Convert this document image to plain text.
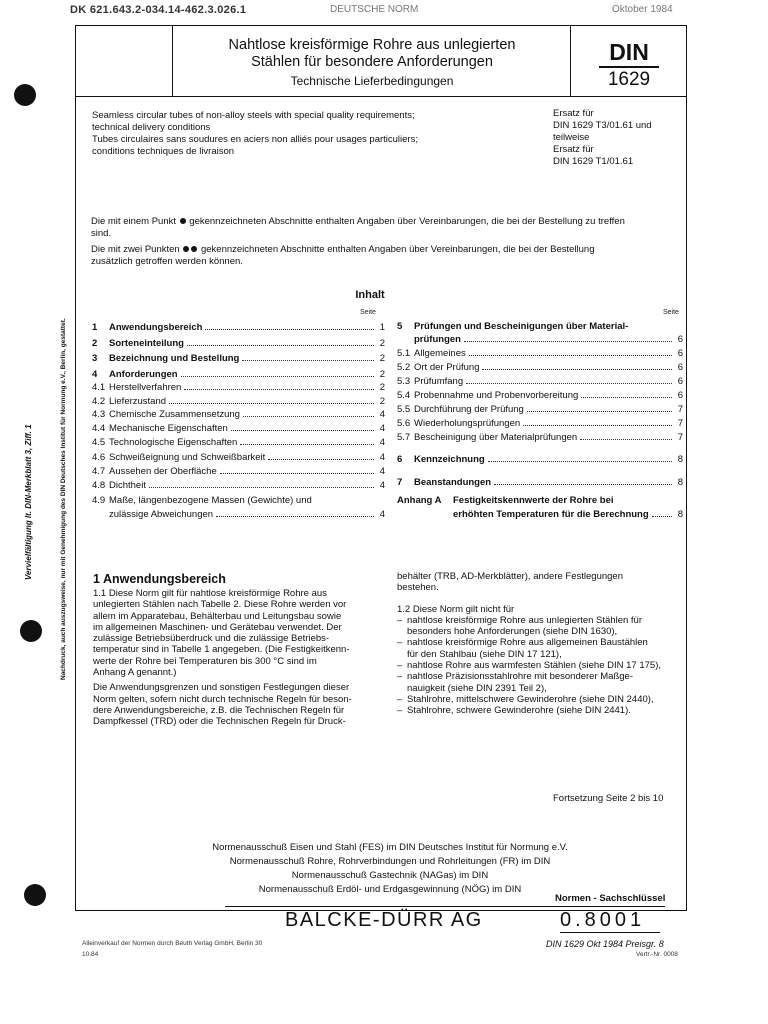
DK 621.643.2-034.14-462.3.026.1	DEUTSCHE NORM	Oktober 1984
Nahtlose kreisförmige Rohre aus unlegierten
Stählen für besondere Anforderungen
Technische Lieferbedingungen
DIN
1629
Seamless circular tubes of non-alloy steels with special quality requirements;
technical delivery conditions
Tubes circulaires sans soudures en aciers non alliés pour usages particuliers;
conditions techniques de livraison
Ersatz für
DIN 1629 T3/01.61 und
teilweise
Ersatz für
DIN 1629 T1/01.61
Die mit einem Punkt gekennzeichneten Abschnitte enthalten Angaben über Vereinbarungen, die bei der Bestellung zu treffen
sind.
Die mit zwei Punkten gekennzeichneten Abschnitte enthalten Angaben über Vereinbarungen, die bei der Bestellung
zusätzlich getroffen werden können.
Inhalt
Seite	Seite
1	Anwendungsbereich	1
2	Sorteneinteilung	2
3	Bezeichnung und Bestellung	2
4	Anforderungen	2
4.1 Herstellverfahren	2
4.2 Lieferzustand	2
4.3 Chemische Zusammensetzung	4
4.4 Mechanische Eigenschaften	4
4.5 Technologische Eigenschaften	4
4.6 Schweißeignung und Schweißbarkeit	4
4.7 Aussehen der Oberfläche	4
4.8 Dichtheit	4
4.9 Maße, längenbezogene Massen (Gewichte) und
zulässige Abweichungen	4
5	Prüfungen und Bescheinigungen über Material-
prüfungen	6
5.1 Allgemeines	6
5.2 Ort der Prüfung	6
5.3 Prüfumfang	6
5.4 Probennahme und Probenvorbereitung	6
5.5 Durchführung der Prüfung	7
5.6 Wiederholungsprüfungen	7
5.7 Bescheinigung über Materialprüfungen	7
6	Kennzeichnung	8
7	Beanstandungen	8
Anhang A	Festigkeitskennwerte der Rohre bei
erhöhten Temperaturen für die Berechnung	8
1 Anwendungsbereich
1.1 Diese Norm gilt für nahtlose kreisförmige Rohre aus
unlegierten Stählen nach Tabelle 2. Diese Rohre werden vor
allem im Apparatebau, Behälterbau und Leitungsbau sowie
im allgemeinen Maschinen- und Gerätebau verwendet. Der
zulässige Betriebsüberdruck und die zulässige Betriebs-
temperatur sind in Tabelle 1 angegeben. (Die Festigkeitkenn-
werte der Rohre bei Temperaturen bis 300 °C sind im
Anhang A genannt.)
Die Anwendungsgrenzen und sonstigen Festlegungen dieser
Norm gelten, sofern nicht durch technische Regeln für beson-
dere Anwendungsbereiche, z.B. die Technischen Regeln für
Dampfkessel (TRD) oder die Technischen Regeln für Druck-
behälter (TRB, AD-Merkblätter), andere Festlegungen
bestehen.
1.2 Diese Norm gilt nicht für
– nahtlose kreisförmige Rohre aus unlegierten Stählen für
besonders hohe Anforderungen (siehe DIN 1630),
– nahtlose kreisförmige Rohre aus allgemeinen Baustählen
für den Stahlbau (siehe DIN 17 121),
– nahtlose Rohre aus warmfesten Stählen (siehe DIN 17 175),
– nahtlose Präzisionsstahlrohre mit besonderer Maßge-
nauigkeit (siehe DIN 2391 Teil 2),
– Stahlrohre, mittelschwere Gewinderohre (siehe DIN 2440),
– Stahlrohre, schwere Gewinderohre (siehe DIN 2441).
Fortsetzung Seite 2 bis 10
Normenausschuß Eisen und Stahl (FES) im DIN Deutsches Institut für Normung e.V.
Normenausschuß Rohre, Rohrverbindungen und Rohrleitungen (FR) im DIN
Normenausschuß Gastechnik (NAGas) im DIN
Normenausschuß Erdöl- und Erdgasgewinnung (NÖG) im DIN
Normen - Sachschlüssel
BALCKE-DÜRR AG	0.8001
Alleinverkauf der Normen durch Beuth Verlag GmbH, Berlin 30
10.84
DIN 1629 Okt 1984 Preisgr. 8
Vertr.-Nr. 0008
Nachdruck, auch auszugsweise, nur mit Genehmigung des DIN Deutsches Institut für Normung e.V., Berlin, gestattet.
Vervielfältigung lt. DIN-Merkblatt 3, Ziff. 1
